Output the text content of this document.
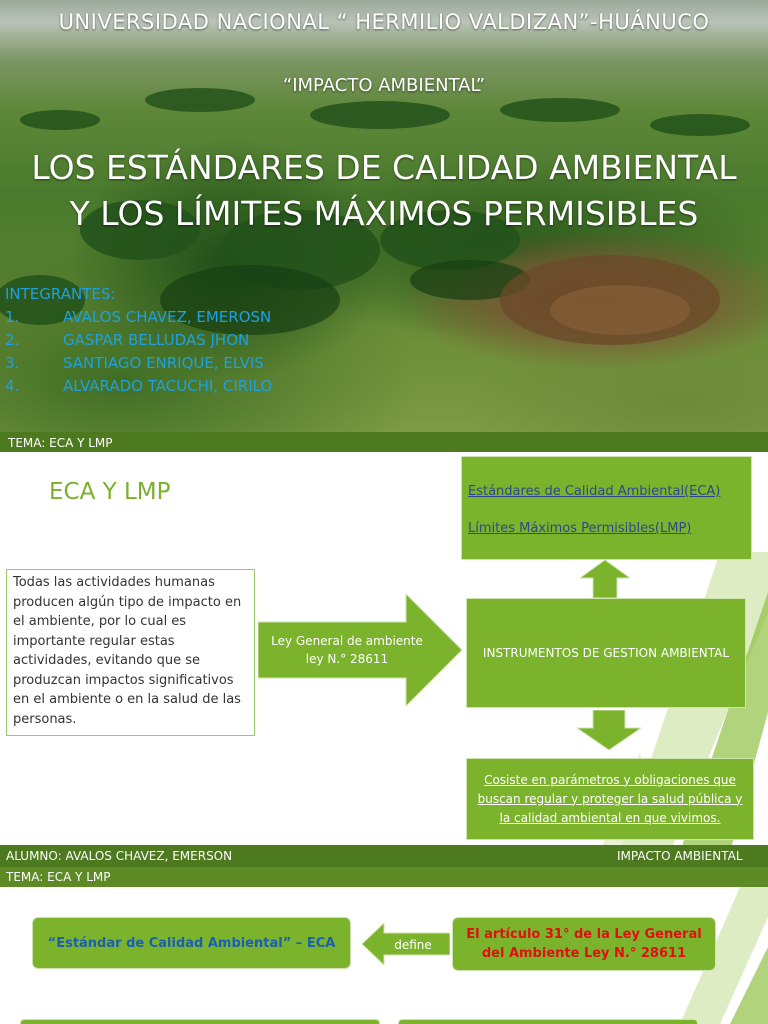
UNIVERSIDAD NACIONAL “ HERMILIO VALDIZAN”-HUÁNUCO
“IMPACTO AMBIENTAL”
LOS ESTÁNDARES DE CALIDAD AMBIENTAL
Y LOS LÍMITES MÁXIMOS PERMISIBLES
INTEGRANTES:
1.	AVALOS CHAVEZ, EMEROSN
2.	GASPAR BELLUDAS JHON
3.	SANTIAGO ENRIQUE, ELVIS
4.	ALVARADO TACUCHI, CIRILO
TEMA: ECA Y LMP
ECA Y LMP	Estándares de Calidad Ambiental(ECA)
Límites Máximos Permisibles(LMP)
Todas las actividades humanas producen algún tipo de impacto en el ambiente, por lo cual es importante regular estas actividades, evitando que se produzcan impactos significativos en el ambiente o en la salud de las personas.
Ley General de ambiente
ley N.° 28611	INSTRUMENTOS DE GESTION AMBIENTAL
Cosiste en parámetros y obligaciones que buscan regular y proteger la salud pública y la calidad ambiental en que vivimos.
ALUMNO: AVALOS CHAVEZ, EMERSON	IMPACTO AMBIENTAL
TEMA: ECA Y LMP
“Estándar de Calidad Ambiental” – ECA	define
El artículo 31° de la Ley General
del Ambiente Ley N.° 28611
